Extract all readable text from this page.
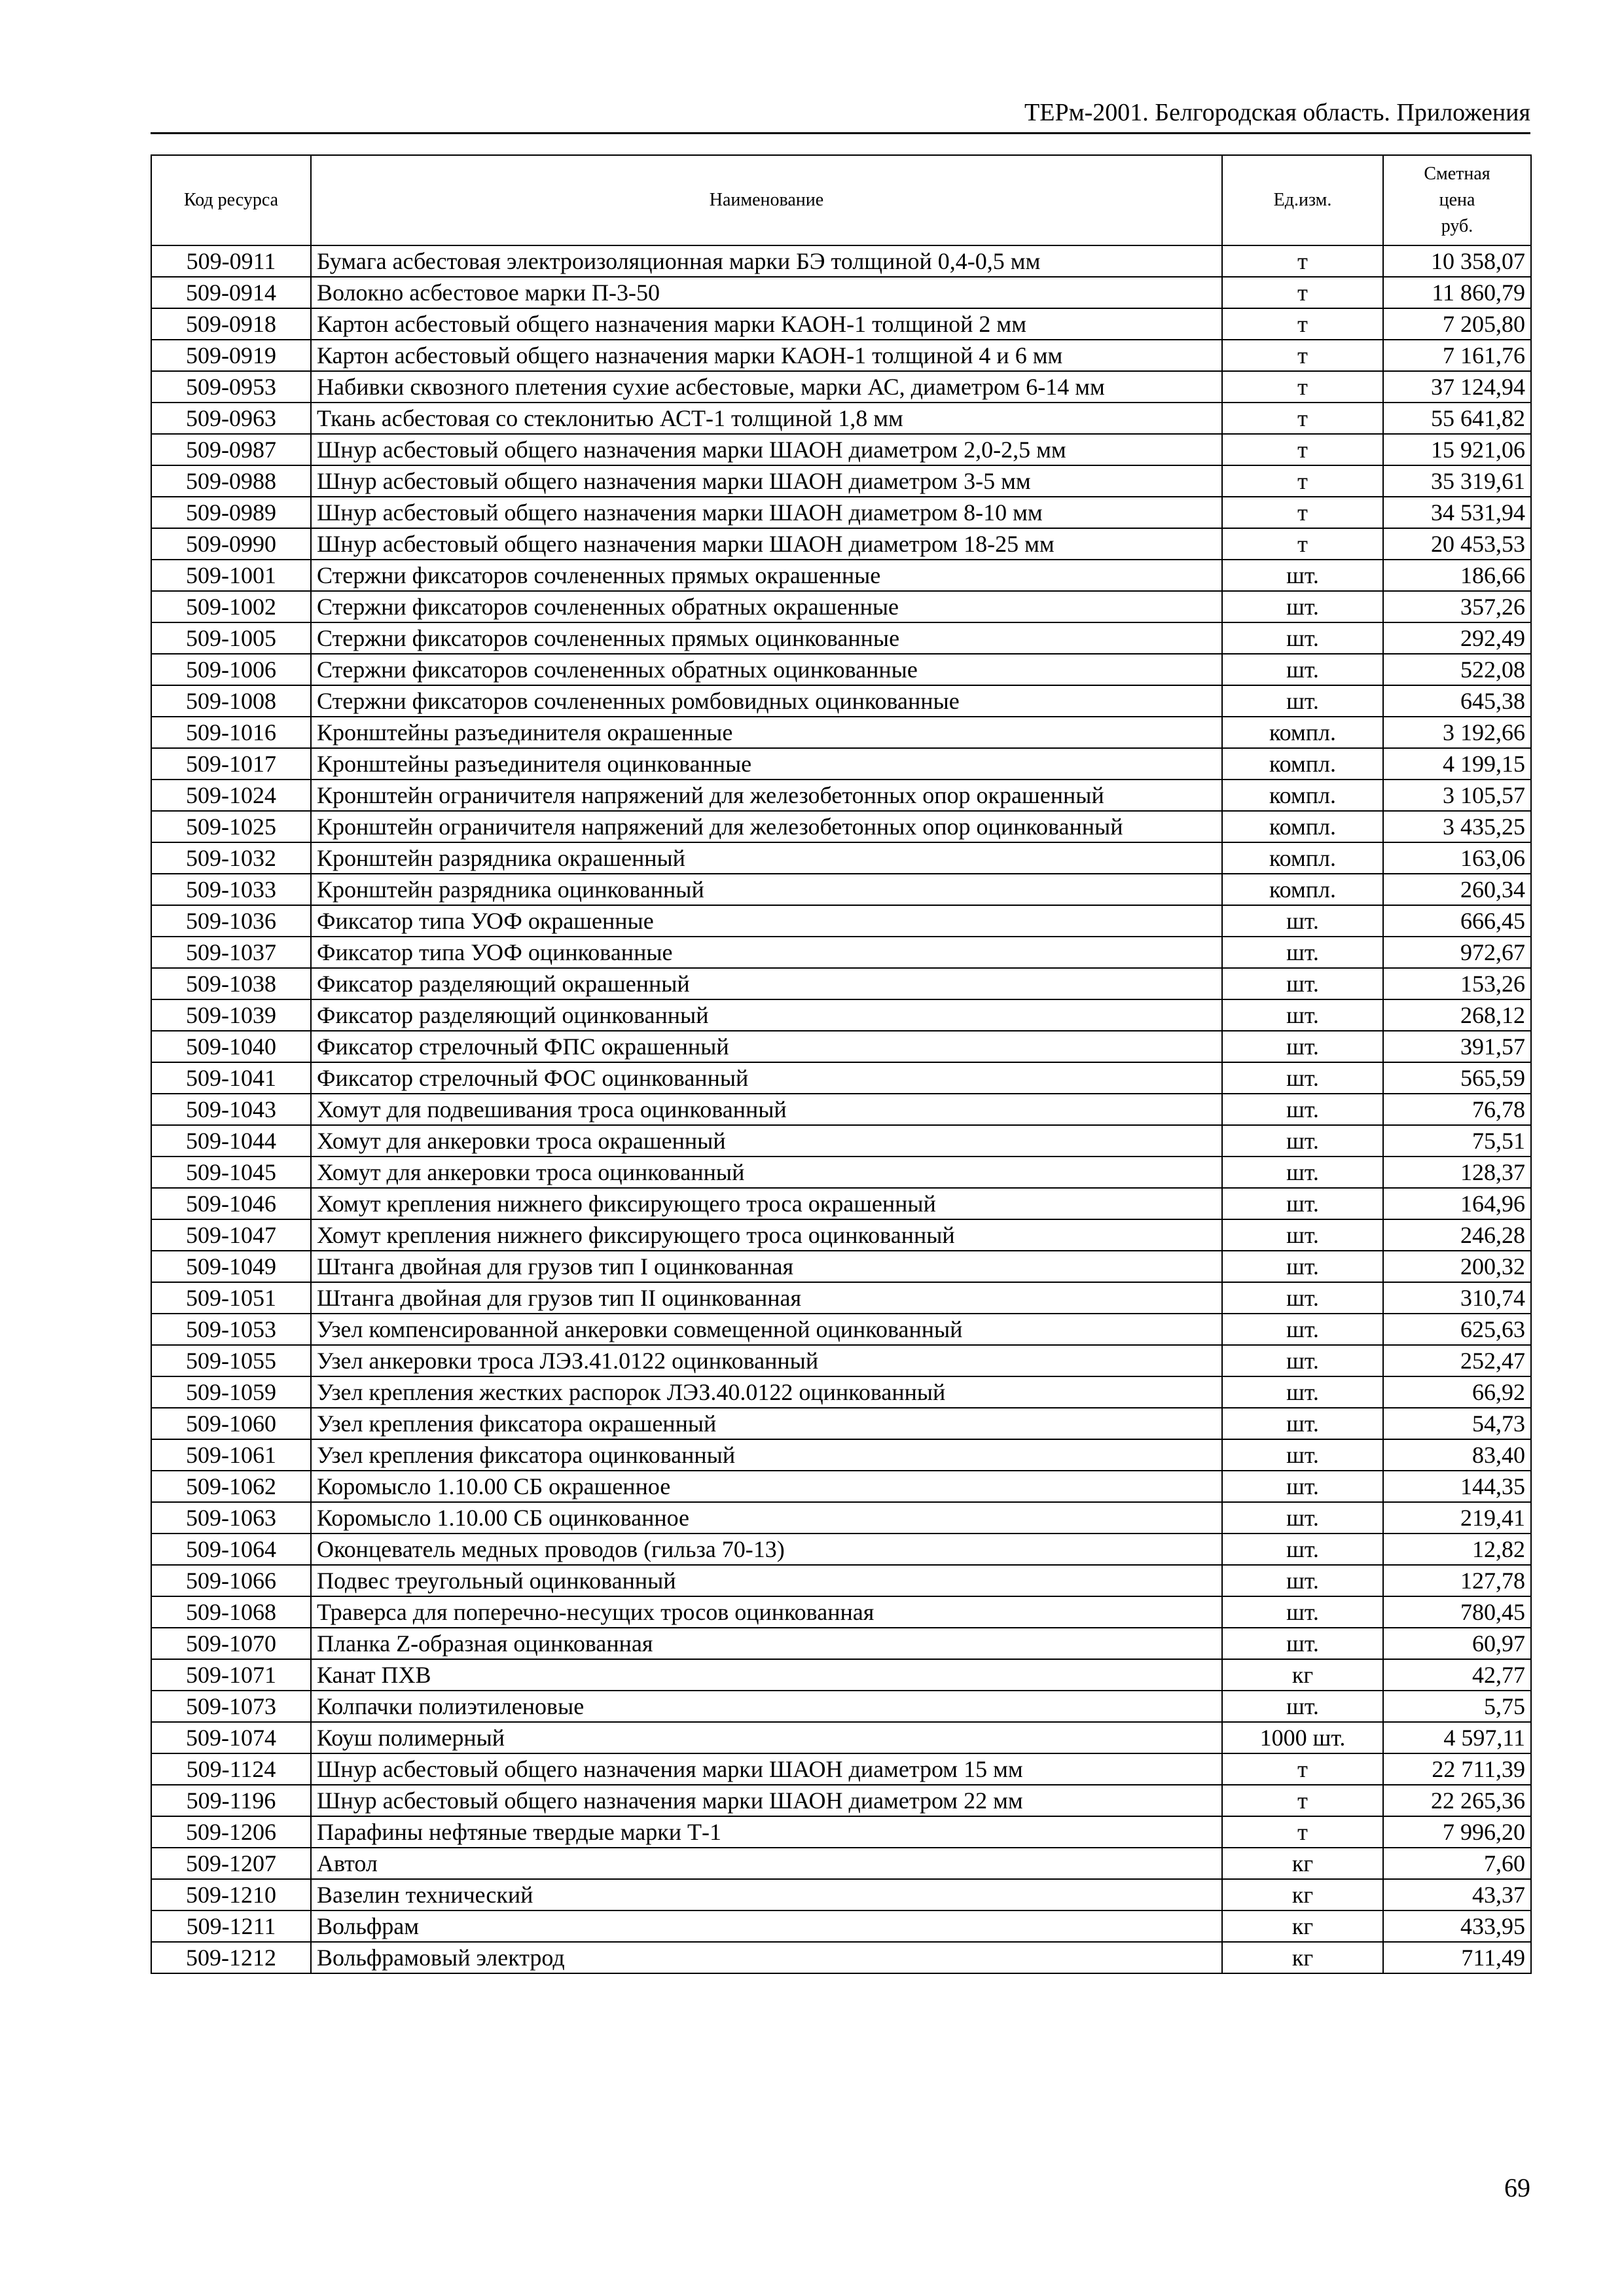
ТЕРм-2001. Белгородская область. Приложения
Код ресурса	Наименование	Ед.изм.	Сметная
цена
руб.
509-0911	Бумага асбестовая электроизоляционная марки БЭ толщиной 0,4-0,5 мм	т	10 358,07
509-0914	Волокно асбестовое марки П-3-50	т	11 860,79
509-0918	Картон асбестовый общего назначения марки КАОН-1 толщиной 2 мм	т	7 205,80
509-0919	Картон асбестовый общего назначения марки КАОН-1 толщиной 4 и 6 мм	т	7 161,76
509-0953	Набивки сквозного плетения сухие асбестовые, марки АС, диаметром 6-14 мм	т	37 124,94
509-0963	Ткань асбестовая со стеклонитью АСТ-1 толщиной 1,8 мм	т	55 641,82
509-0987	Шнур асбестовый общего назначения марки ШАОН диаметром 2,0-2,5 мм	т	15 921,06
509-0988	Шнур асбестовый общего назначения марки ШАОН диаметром 3-5 мм	т	35 319,61
509-0989	Шнур асбестовый общего назначения марки ШАОН диаметром 8-10 мм	т	34 531,94
509-0990	Шнур асбестовый общего назначения марки ШАОН диаметром 18-25 мм	т	20 453,53
509-1001	Стержни фиксаторов сочлененных прямых окрашенные	шт.	186,66
509-1002	Стержни фиксаторов сочлененных обратных окрашенные	шт.	357,26
509-1005	Стержни фиксаторов сочлененных прямых оцинкованные	шт.	292,49
509-1006	Стержни фиксаторов сочлененных обратных оцинкованные	шт.	522,08
509-1008	Стержни фиксаторов сочлененных ромбовидных оцинкованные	шт.	645,38
509-1016	Кронштейны разъединителя окрашенные	компл.	3 192,66
509-1017	Кронштейны разъединителя оцинкованные	компл.	4 199,15
509-1024	Кронштейн ограничителя напряжений для железобетонных опор окрашенный	компл.	3 105,57
509-1025	Кронштейн ограничителя напряжений для железобетонных опор оцинкованный	компл.	3 435,25
509-1032	Кронштейн разрядника окрашенный	компл.	163,06
509-1033	Кронштейн разрядника оцинкованный	компл.	260,34
509-1036	Фиксатор типа УОФ окрашенные	шт.	666,45
509-1037	Фиксатор типа УОФ оцинкованные	шт.	972,67
509-1038	Фиксатор разделяющий окрашенный	шт.	153,26
509-1039	Фиксатор разделяющий оцинкованный	шт.	268,12
509-1040	Фиксатор стрелочный ФПС окрашенный	шт.	391,57
509-1041	Фиксатор стрелочный ФОС оцинкованный	шт.	565,59
509-1043	Хомут для подвешивания троса оцинкованный	шт.	76,78
509-1044	Хомут для анкеровки троса окрашенный	шт.	75,51
509-1045	Хомут для анкеровки троса оцинкованный	шт.	128,37
509-1046	Хомут крепления нижнего фиксирующего троса окрашенный	шт.	164,96
509-1047	Хомут крепления нижнего фиксирующего троса оцинкованный	шт.	246,28
509-1049	Штанга двойная для грузов тип I оцинкованная	шт.	200,32
509-1051	Штанга двойная для грузов тип II оцинкованная	шт.	310,74
509-1053	Узел компенсированной анкеровки совмещенной оцинкованный	шт.	625,63
509-1055	Узел анкеровки троса ЛЭЗ.41.0122 оцинкованный	шт.	252,47
509-1059	Узел крепления жестких распорок ЛЭЗ.40.0122 оцинкованный	шт.	66,92
509-1060	Узел крепления фиксатора окрашенный	шт.	54,73
509-1061	Узел крепления фиксатора оцинкованный	шт.	83,40
509-1062	Коромысло 1.10.00 СБ окрашенное	шт.	144,35
509-1063	Коромысло 1.10.00 СБ оцинкованное	шт.	219,41
509-1064	Оконцеватель медных проводов (гильза 70-13)	шт.	12,82
509-1066	Подвес треугольный оцинкованный	шт.	127,78
509-1068	Траверса для поперечно-несущих тросов оцинкованная	шт.	780,45
509-1070	Планка Z-образная оцинкованная	шт.	60,97
509-1071	Канат ПХВ	кг	42,77
509-1073	Колпачки полиэтиленовые	шт.	5,75
509-1074	Коуш полимерный	1000 шт.	4 597,11
509-1124	Шнур асбестовый общего назначения марки ШАОН диаметром 15 мм	т	22 711,39
509-1196	Шнур асбестовый общего назначения марки ШАОН диаметром 22 мм	т	22 265,36
509-1206	Парафины нефтяные твердые марки Т-1	т	7 996,20
509-1207	Автол	кг	7,60
509-1210	Вазелин технический	кг	43,37
509-1211	Вольфрам	кг	433,95
509-1212	Вольфрамовый электрод	кг	711,49
69
